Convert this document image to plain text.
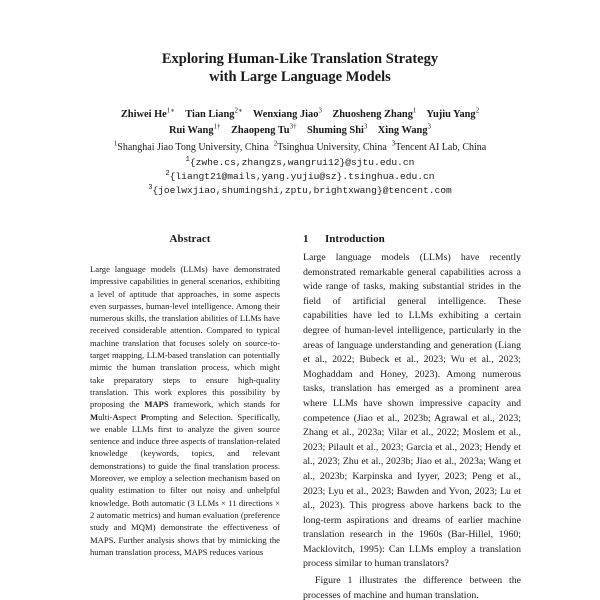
Exploring Human-Like Translation Strategy
with Large Language Models
Zhiwei $He^{1∗}$ Tian Liang$^{2∗}$ Wenxiang Jiao$^3$ Zhuosheng Zhang$^1$ Yujiu Yang$^2$
Rui Wang$^{1\dagger}$ Zhaopeng $Tu^{3\dagger}$ Shuming Shi$^3$ Xing Wang$^3$
$^1$Shanghai Jiao Tong University, China $^2$Tsinghua University, China $^3$Tencent AI Lab, China
$^1${zwhe.cs,zhangzs,wangrui12}@sjtu.edu.cn
$^2${liangt21@mails,yang.yujiu@sz}.tsinghua.edu.cn
$^3${joelwxjiao,shumingshi,zptu,brightxwang}@tencent.com
Abstract
Large language models (LLMs) have demonstrated impressive capabilities in general scenarios, exhibiting a level of aptitude that approaches, in some aspects even surpasses, human-level intelligence. Among their numerous skills, the translation abilities of LLMs have received considerable attention. Compared to typical machine translation that focuses solely on source-to-target mapping, LLM-based translation can potentially mimic the human translation process, which might take preparatory steps to ensure high-quality translation. This work explores this possibility by proposing the MAPS framework, which stands for Multi-Aspect Prompting and Selection. Specifically, we enable LLMs first to analyze the given source sentence and induce three aspects of translation-related knowledge (keywords, topics, and relevant demonstrations) to guide the final translation process. Moreover, we employ a selection mechanism based on quality estimation to filter out noisy and unhelpful knowledge. Both automatic (3 LLMs × 11 directions × 2 automatic metrics) and human evaluation (preference study and MQM) demonstrate the effectiveness of MAPS. Further analysis shows that by mimicking the human translation process, MAPS reduces various
1 Introduction

Large language models (LLMs) have recently demonstrated remarkable general capabilities across a wide range of tasks, making substantial strides in the field of artificial general intelligence. These capabilities have led to LLMs exhibiting a certain degree of human-level intelligence, particularly in the areas of language understanding and generation (Liang et al., 2022; Bubeck et al., 2023; Wu et al., 2023; Moghaddam and Honey, 2023). Among numerous tasks, translation has emerged as a prominent area where LLMs have shown impressive capacity and competence (Jiao et al., 2023b; Agrawal et al., 2023; Zhang et al., 2023a; Vilar et al., 2022; Moslem et al., 2023; Pilault et al., 2023; Garcia et al., 2023; Hendy et al., 2023; Zhu et al., 2023b; Jiao et al., 2023a; Wang et al., 2023b; Karpinska and Iyyer, 2023; Peng et al., 2023; Lyu et al., 2023; Bawden and Yvon, 2023; Lu et al., 2023). This progress above harkens back to the long-term aspirations and dreams of earlier machine translation research in the 1960s (Bar-Hillel, 1960; Macklovitch, 1995): Can LLMs employ a translation process similar to human translators?

Figure 1 illustrates the difference between the processes of machine and human translation.
